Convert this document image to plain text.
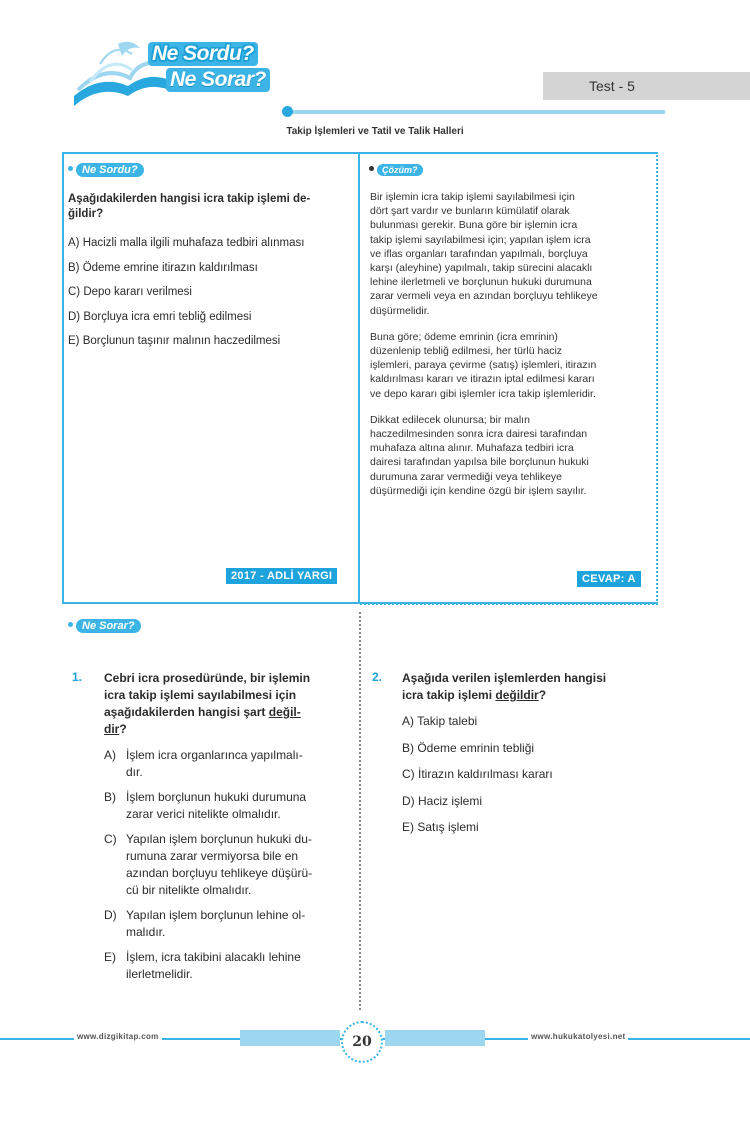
Ne Sordu?
Ne Sorar?	Test - 5
Takip İşlemleri ve Tatil ve Talik Halleri
Ne Sordu?
Aşağıdakilerden hangisi icra takip işlemi de-
ğildir?
A) Hacizli malla ilgili muhafaza tedbiri alınması
B) Ödeme emrine itirazın kaldırılması
C) Depo kararı verilmesi
D) Borçluya icra emri tebliğ edilmesi
E) Borçlunun taşınır malının haczedilmesi
2017 - ADLİ YARGI
Çözüm?
Bir işlemin icra takip işlemi sayılabilmesi için
dört şart vardır ve bunların kümülatif olarak
bulunması gerekir. Buna göre bir işlemin icra
takip işlemi sayılabilmesi için; yapılan işlem icra
ve iflas organları tarafından yapılmalı, borçluya
karşı (aleyhine) yapılmalı, takip sürecini alacaklı
lehine ilerletmeli ve borçlunun hukuki durumuna
zarar vermeli veya en azından borçluyu tehlikeye
düşürmelidir.
Buna göre; ödeme emrinin (icra emrinin)
düzenlenip tebliğ edilmesi, her türlü haciz
işlemleri, paraya çevirme (satış) işlemleri, itirazın
kaldırılması kararı ve itirazın iptal edilmesi kararı
ve depo kararı gibi işlemler icra takip işlemleridir.
Dikkat edilecek olunursa; bir malın
haczedilmesinden sonra icra dairesi tarafından
muhafaza altına alınır. Muhafaza tedbiri icra
dairesi tarafından yapılsa bile borçlunun hukuki
durumuna zarar vermediği veya tehlikeye
düşürmediği için kendine özgü bir işlem sayılır.
CEVAP: A
Ne Sorar?
1. Cebri icra prosedüründe, bir işlemin
icra takip işlemi sayılabilmesi için
aşağıdakilerden hangisi şart değil-
dir?
A) İşlem icra organlarınca yapılmalı-
dır.
B) İşlem borçlunun hukuki durumuna
zarar verici nitelikte olmalıdır.
C) Yapılan işlem borçlunun hukuki du-
rumuna zarar vermiyorsa bile en
azından borçluyu tehlikeye düşürü-
cü bir nitelikte olmalıdır.
D) Yapılan işlem borçlunun lehine ol-
malıdır.
E) İşlem, icra takibini alacaklı lehine
ilerletmelidir.
2. Aşağıda verilen işlemlerden hangisi
icra takip işlemi değildir?
A) Takip talebi
B) Ödeme emrinin tebliği
C) İtirazın kaldırılması kararı
D) Haciz işlemi
E) Satış işlemi
www.dizgikitap.com	www.hukukatolyesi.net
20
